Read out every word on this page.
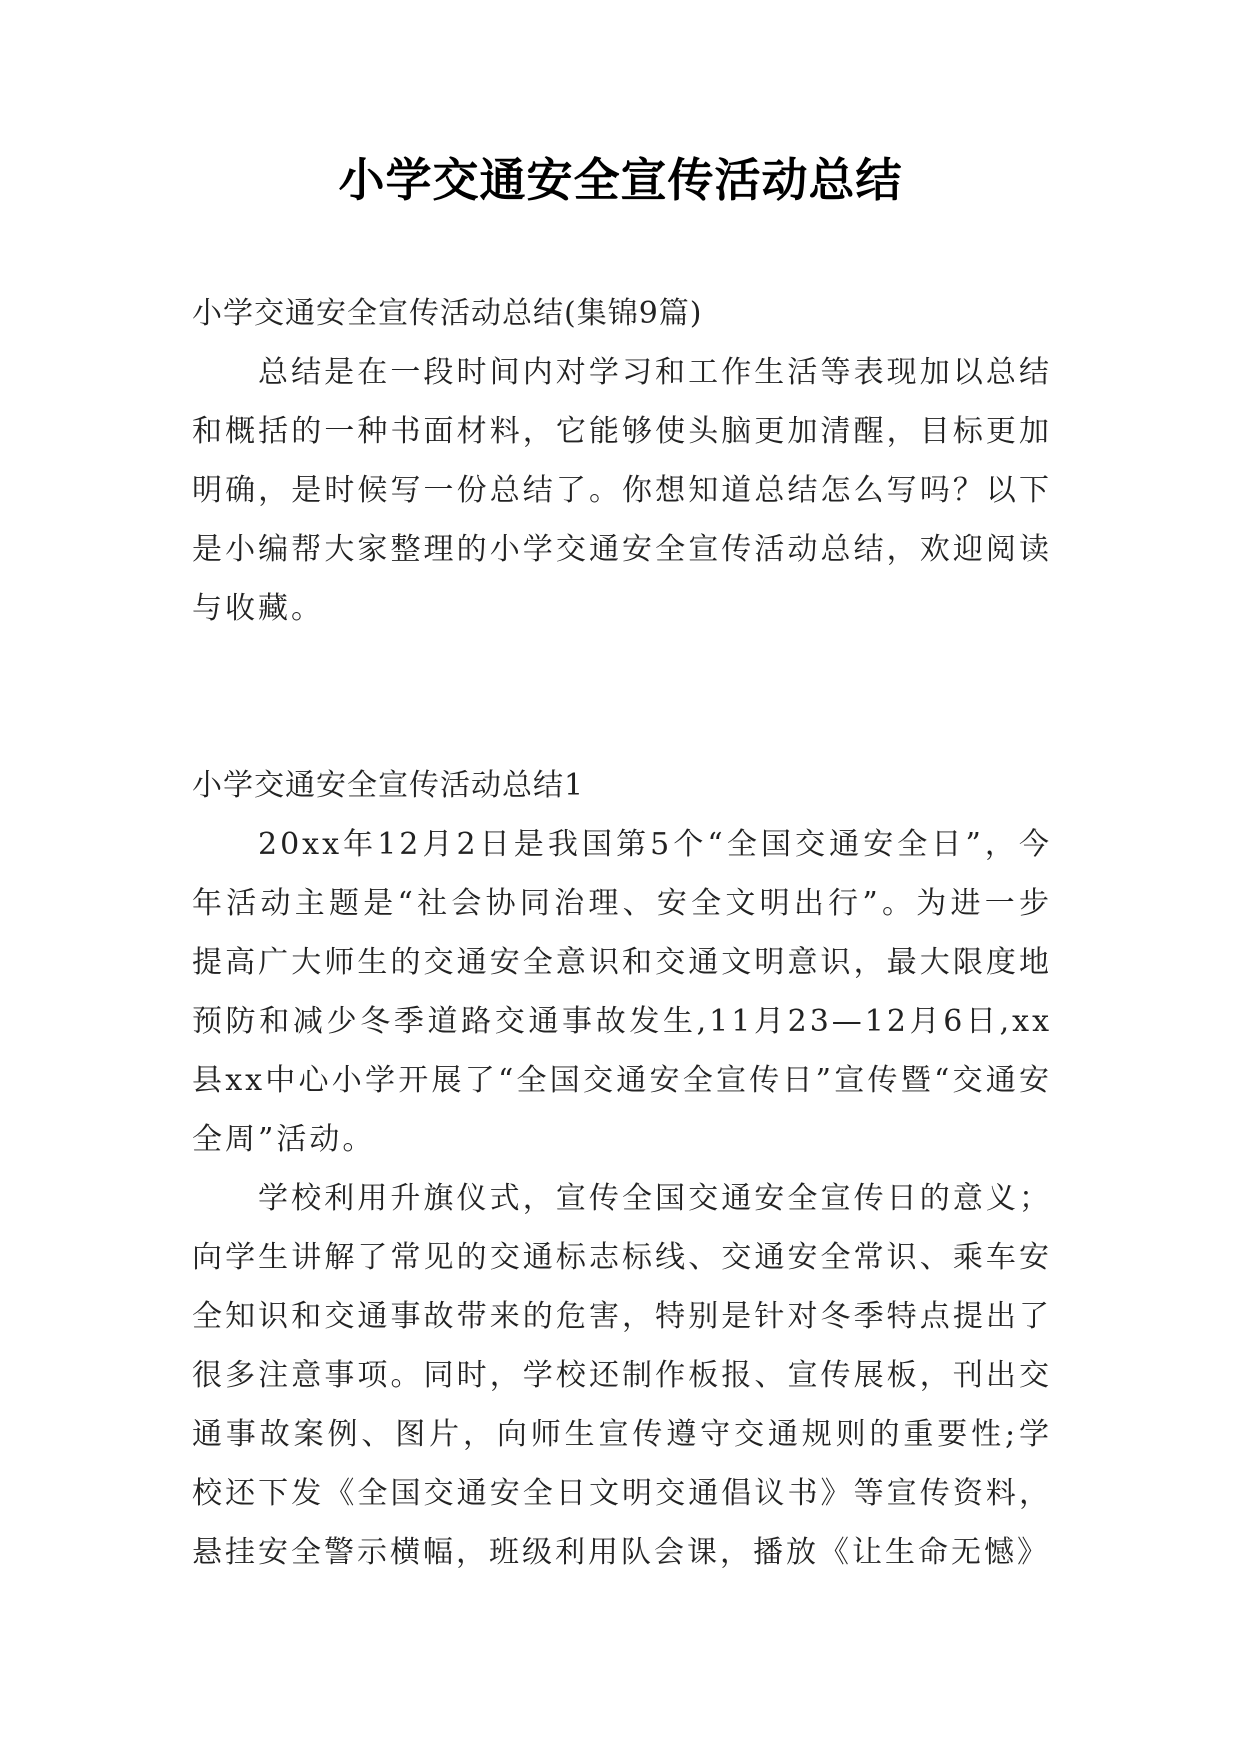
小学交通安全宣传活动总结

小学交通安全宣传活动总结(集锦9篇)

总结是在一段时间内对学习和工作生活等表现加以总结和概括的一种书面材料，它能够使头脑更加清醒，目标更加明确，是时候写一份总结了。你想知道总结怎么写吗？以下是小编帮大家整理的小学交通安全宣传活动总结，欢迎阅读与收藏。

小学交通安全宣传活动总结1

20xx年12月2日是我国第5个“全国交通安全日”，今年活动主题是“社会协同治理、安全文明出行”。为进一步提高广大师生的交通安全意识和交通文明意识，最大限度地预防和减少冬季道路交通事故发生,11月23—12月6日,xx县xx中心小学开展了“全国交通安全宣传日”宣传暨“交通安全周”活动。

学校利用升旗仪式，宣传全国交通安全宣传日的意义；向学生讲解了常见的交通标志标线、交通安全常识、乘车安全知识和交通事故带来的危害，特别是针对冬季特点提出了很多注意事项。同时，学校还制作板报、宣传展板，刊出交通事故案例、图片，向师生宣传遵守交通规则的重要性;学校还下发《全国交通安全日文明交通倡议书》等宣传资料，悬挂安全警示横幅，班级利用队会课，播放《让生命无憾》
